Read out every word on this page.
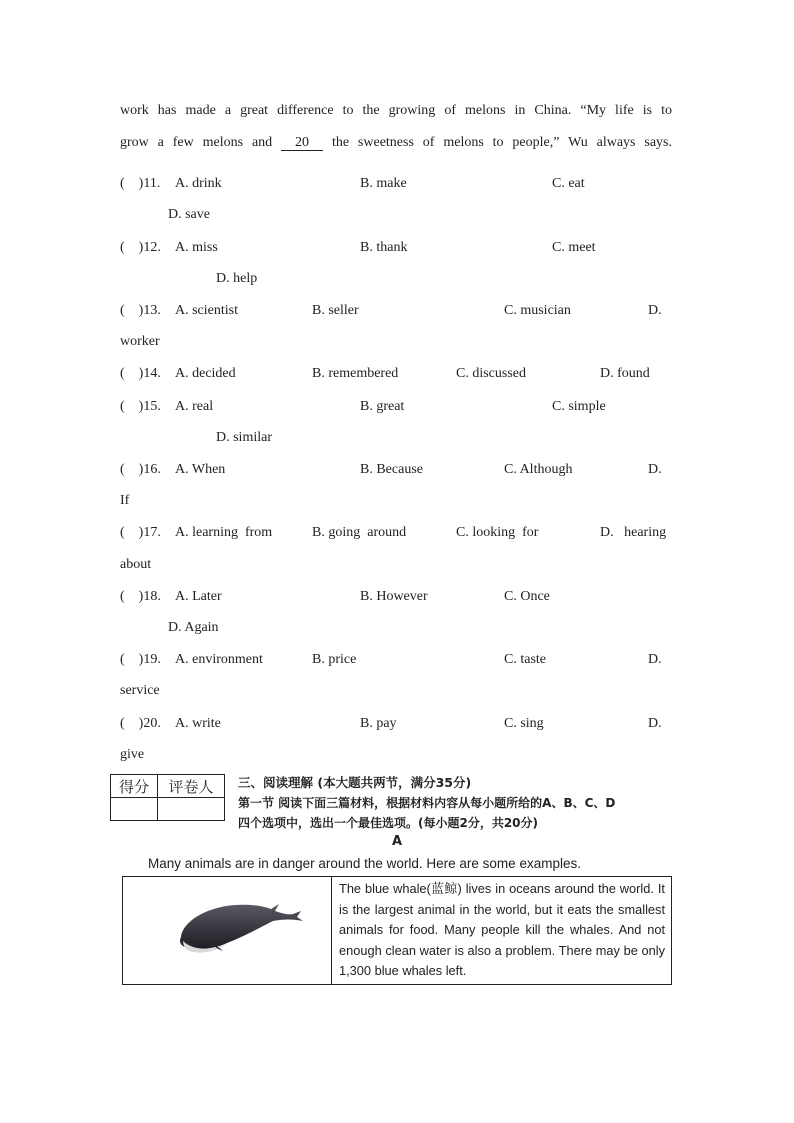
work has made a great difference to the growing of melons in China. “My life is to
grow a few melons and 20 the sweetness of melons to people,” Wu always says.
( )11. A. drink	B. make	C. eat
D. save
( )12. A. miss	B. thank	C. meet
D. help
( )13. A. scientist	B. seller	C. musician	D.
worker
( )14. A. decided	B. remembered	C. discussed	D. found
( )15. A. real	B. great	C. simple
D. similar
( )16. A. When	B. Because	C. Although	D.
If
( )17. A. learning  from	B. going  around	C. looking  for	D.   hearing
about
( )18. A. Later	B. However	C. Once
D. Again
( )19. A. environment	B. price	C. taste	D.
service
( )20. A. write	B. pay	C. sing	D.
give
得分	评卷人
	三、阅读理解 (本大题共两节，满分35分)
第一节 阅读下面三篇材料，根据材料内容从每小题所给的A、B、C、D
四个选项中，选出一个最佳选项。(每小题2分，共20分)
A
Many animals are in danger around the world. Here are some examples.
	The blue whale(蓝鲸) lives in oceans around the world. It is the largest animal in the world, but it eats the smallest animals for food. Many people kill the whales. And not enough clean water is also a problem. There may be only 1,300 blue whales left.
